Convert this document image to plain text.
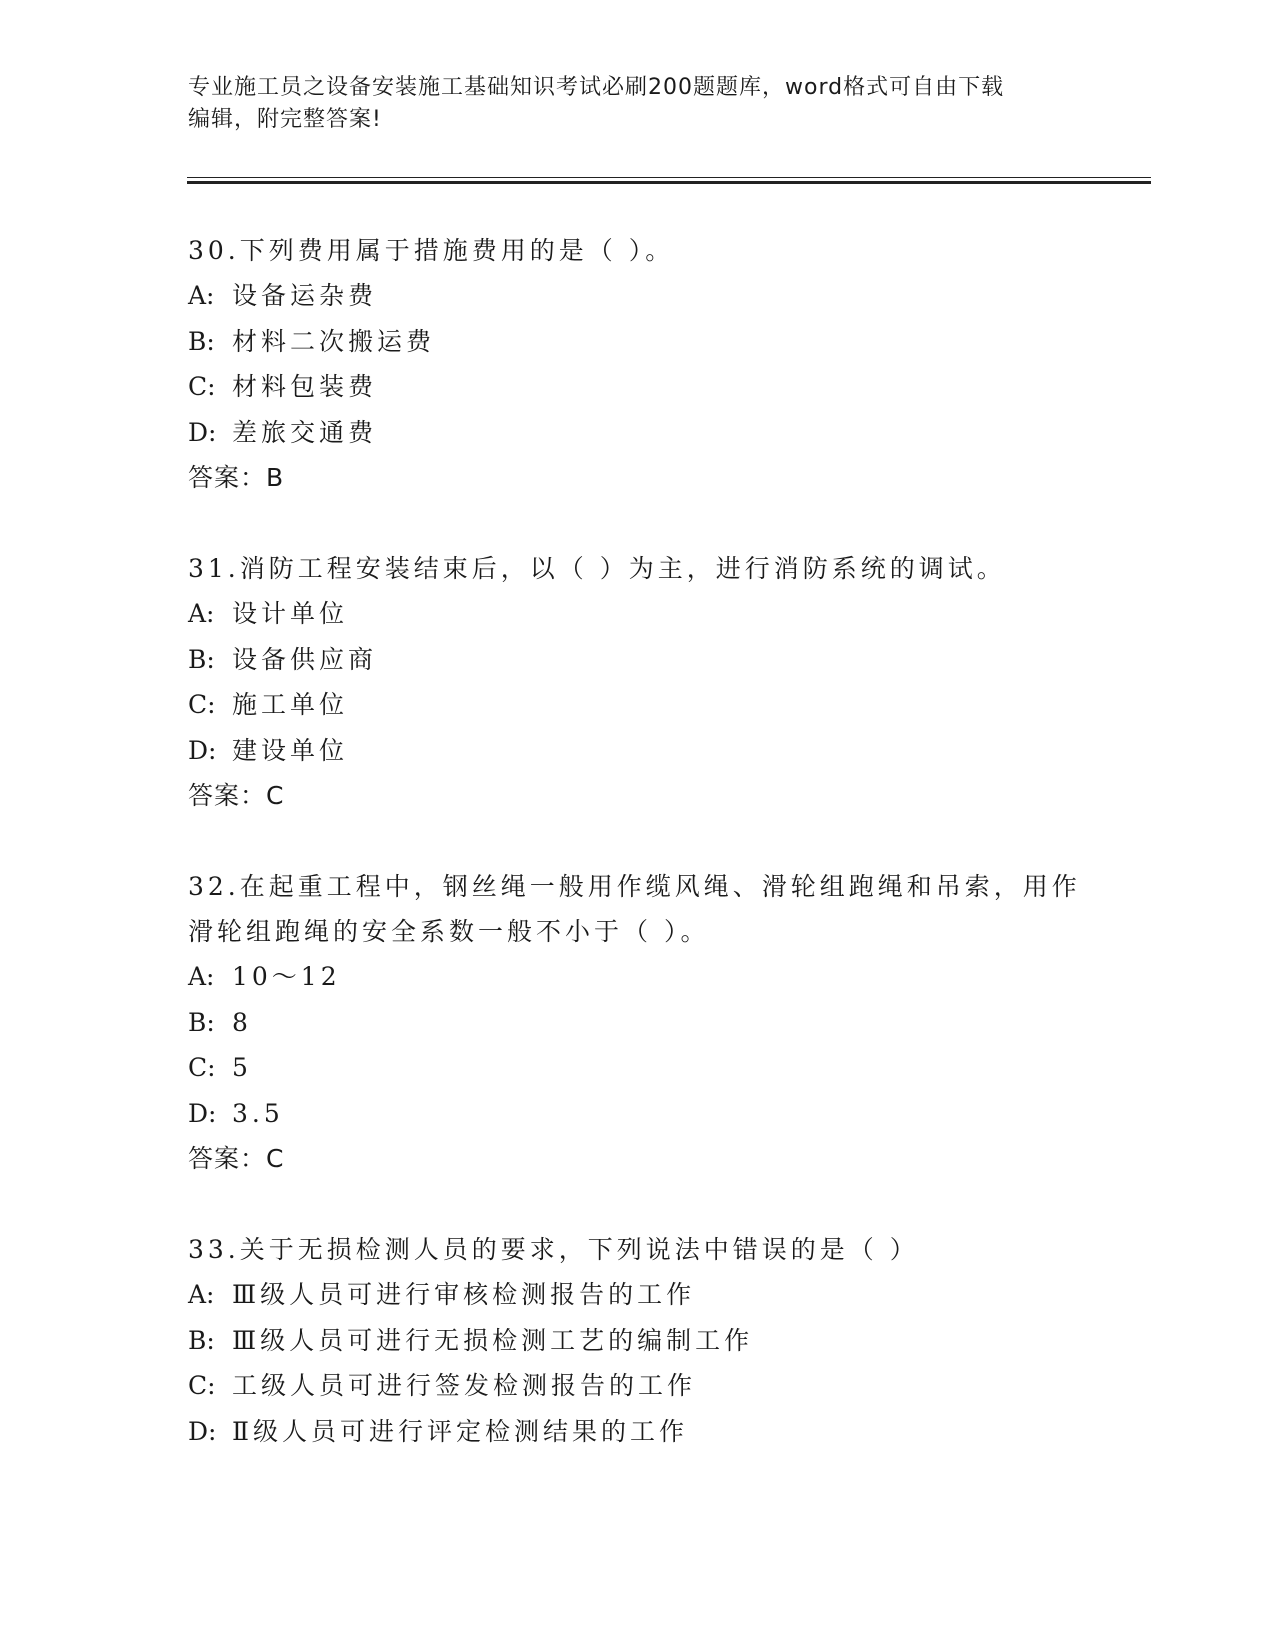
专业施工员之设备安装施工基础知识考试必刷200题题库，word格式可自由下载
编辑，附完整答案!

30.下列费用属于措施费用的是（ ）。

A: 设备运杂费

B: 材料二次搬运费

C: 材料包装费

D: 差旅交通费

答案：B

31.消防工程安装结束后，以（ ）为主，进行消防系统的调试。

A: 设计单位

B: 设备供应商

C: 施工单位

D: 建设单位

答案：C

32.在起重工程中，钢丝绳一般用作缆风绳、滑轮组跑绳和吊索，用作

滑轮组跑绳的安全系数一般不小于（ ）。

A: 10～12

B: 8

C: 5

D: 3.5

答案：C

33.关于无损检测人员的要求，下列说法中错误的是（ ）

A: Ⅲ级人员可进行审核检测报告的工作

B: Ⅲ级人员可进行无损检测工艺的编制工作

C: 工级人员可进行签发检测报告的工作

D: Ⅱ级人员可进行评定检测结果的工作
